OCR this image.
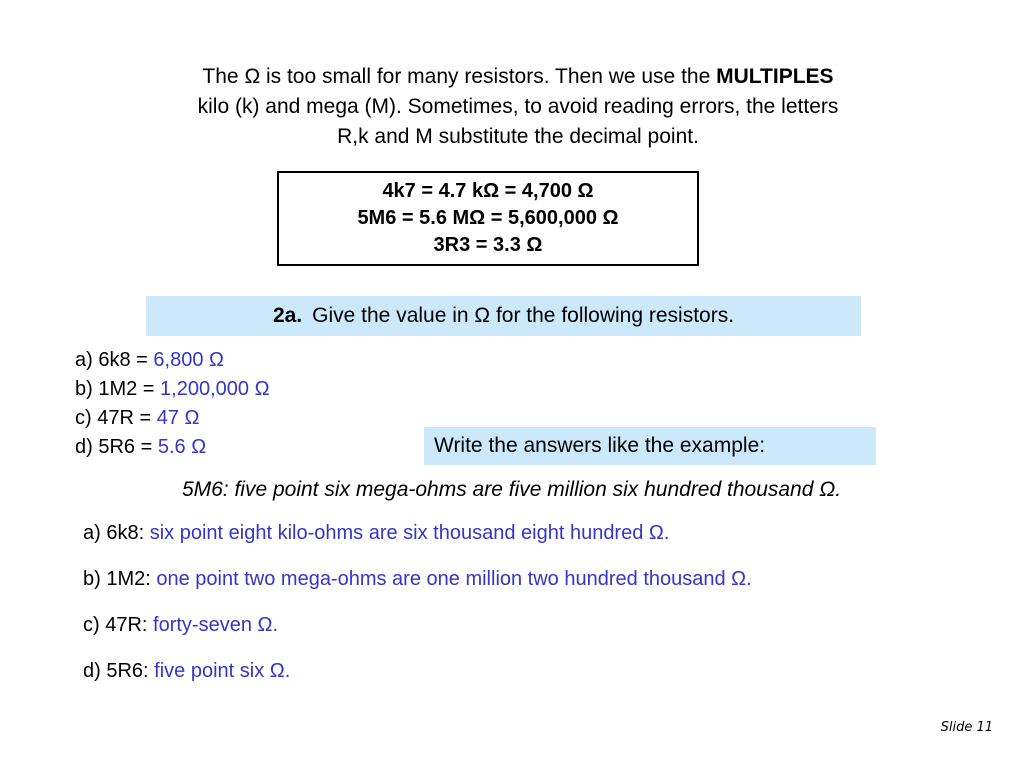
The Ω is too small for many resistors. Then we use the MULTIPLES
kilo (k) and mega (M). Sometimes, to avoid reading errors, the letters
R,k and M substitute the decimal point.
4k7 = 4.7 kΩ = 4,700 Ω
5M6 = 5.6 MΩ = 5,600,000 Ω
3R3 = 3.3 Ω
2a. Give the value in Ω for the following resistors.
a) 6k8 = 6,800 Ω
b) 1M2 = 1,200,000 Ω
c) 47R = 47 Ω
d) 5R6 = 5.6 Ω	Write the answers like the example:
5M6: five point six mega-ohms are five million six hundred thousand Ω.
a) 6k8: six point eight kilo-ohms are six thousand eight hundred Ω.
b) 1M2: one point two mega-ohms are one million two hundred thousand Ω.
c) 47R: forty-seven Ω.
d) 5R6: five point six Ω.
Slide 11
